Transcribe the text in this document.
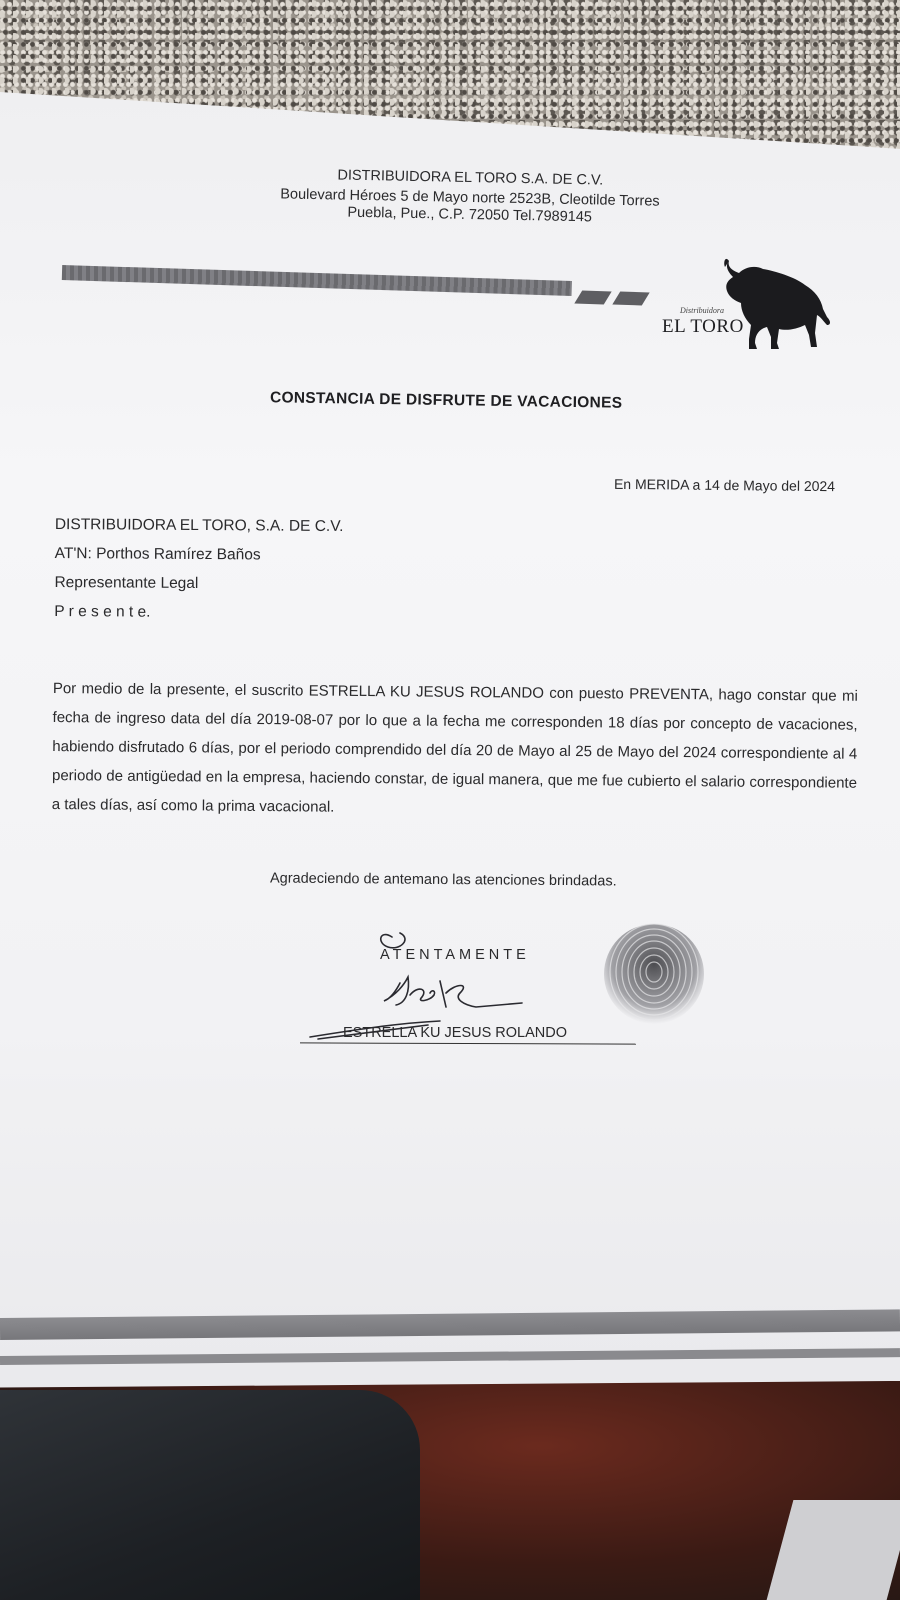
DISTRIBUIDORA EL TORO S.A. DE C.V.
Boulevard Héroes 5 de Mayo norte 2523B, Cleotilde Torres
Puebla, Pue., C.P. 72050 Tel.7989145
Distribuidora
EL TORO
CONSTANCIA DE DISFRUTE DE VACACIONES
En MERIDA a 14 de Mayo del 2024
DISTRIBUIDORA EL TORO, S.A. DE C.V.
AT'N: Porthos Ramírez Baños
Representante Legal
P r e s e n t e.
Por medio de la presente, el suscrito ESTRELLA KU JESUS ROLANDO con puesto PREVENTA, hago constar que mi fecha de ingreso data del día 2019-08-07 por lo que a la fecha me corresponden 18 días por concepto de vacaciones, habiendo disfrutado 6 días, por el periodo comprendido del día 20 de Mayo al 25 de Mayo del 2024 correspondiente al 4 periodo de antigüedad en la empresa, haciendo constar, de igual manera, que me fue cubierto el salario correspondiente a tales días, así como la prima vacacional.
Agradeciendo de antemano las atenciones brindadas.
ATENTAMENTE
ESTRELLA KU JESUS ROLANDO
